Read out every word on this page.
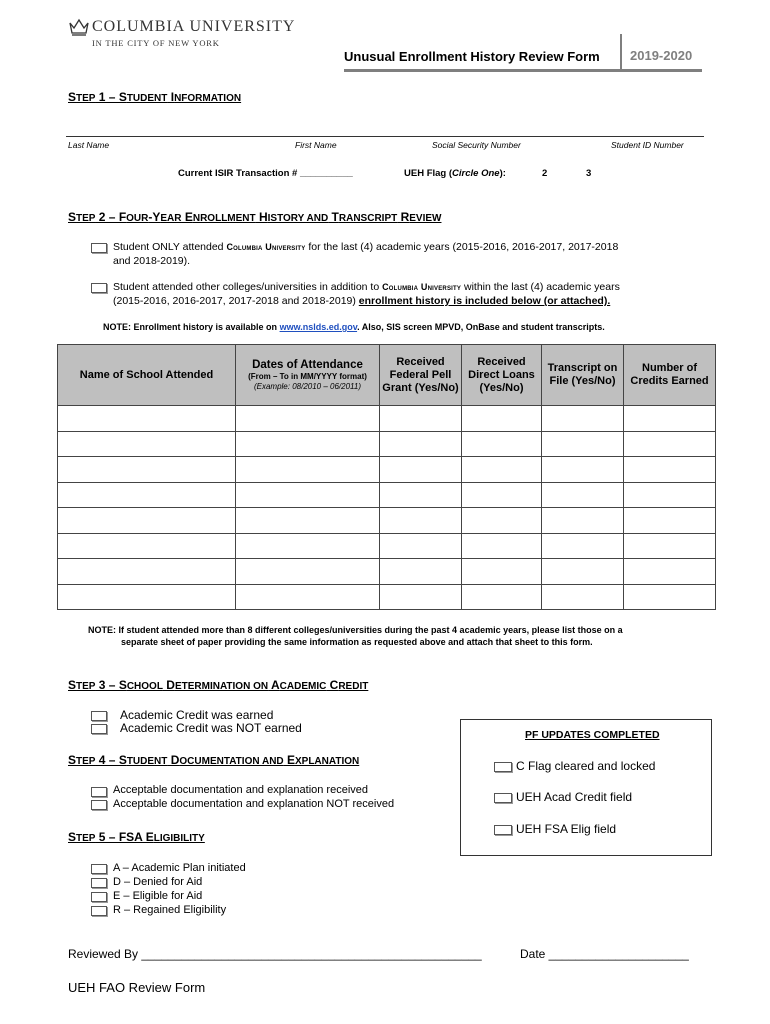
COLUMBIA UNIVERSITY
IN THE CITY OF NEW YORK
Unusual Enrollment History Review Form 2019-2020
STEP 1 – STUDENT INFORMATION
Last Name	First Name	Social Security Number	Student ID Number
Current ISIR Transaction # __________	UEH Flag (Circle One):	2	3
STEP 2 – FOUR-YEAR ENROLLMENT HISTORY AND TRANSCRIPT REVIEW
Student ONLY attended Columbia University for the last (4) academic years (2015-2016, 2016-2017, 2017-2018
and 2018-2019).
Student attended other colleges/universities in addition to Columbia University within the last (4) academic years
(2015-2016, 2016-2017, 2017-2018 and 2018-2019) enrollment history is included below (or attached).
NOTE: Enrollment history is available on www.nslds.ed.gov. Also, SIS screen MPVD, OnBase and student transcripts.
Name of School Attended	Dates of Attendance
(From – To in MM/YYYY format)
(Example: 08/2010 – 06/2011)	Received Federal Pell Grant (Yes/No)	Received Direct Loans (Yes/No)	Transcript on File (Yes/No)	Number of Credits Earned

NOTE: If student attended more than 8 different colleges/universities during the past 4 academic years, please list those on a
separate sheet of paper providing the same information as requested above and attach that sheet to this form.
STEP 3 – SCHOOL DETERMINATION ON ACADEMIC CREDIT
Academic Credit was earned
Academic Credit was NOT earned
STEP 4 – STUDENT DOCUMENTATION AND EXPLANATION
Acceptable documentation and explanation received
Acceptable documentation and explanation NOT received
STEP 5 – FSA ELIGIBILITY
A – Academic Plan initiated
D – Denied for Aid
E – Eligible for Aid
R – Regained Eligibility
PF UPDATES COMPLETED
C Flag cleared and locked
UEH Acad Credit field
UEH FSA Elig field
Reviewed By ___________________________________________________	Date _____________________
UEH FAO Review Form
